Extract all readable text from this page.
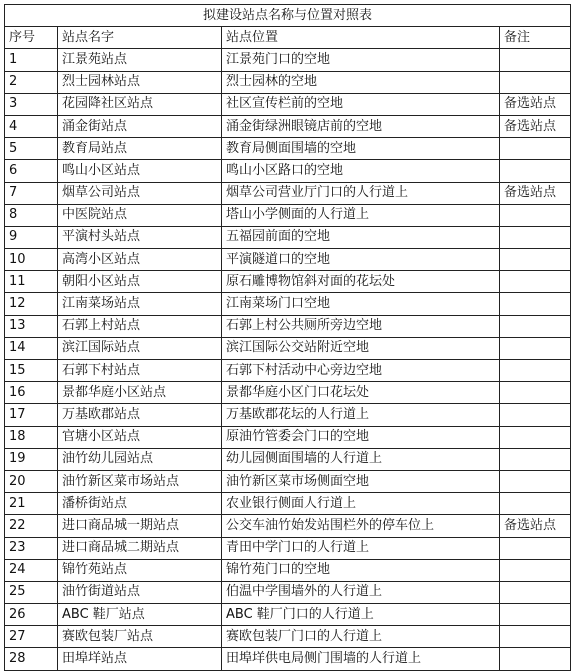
拟建设站点名称与位置对照表			
序号	站点名字	站点位置	备注
1	江景苑站点	江景苑门口的空地	
2	烈士园林站点	烈士园林的空地	
3	花园降社区站点	社区宣传栏前的空地	备选站点
4	涌金街站点	涌金街绿洲眼镜店前的空地	备选站点
5	教育局站点	教育局侧面围墙的空地	
6	鸣山小区站点	鸣山小区路口的空地	
7	烟草公司站点	烟草公司营业厅门口的人行道上	备选站点
8	中医院站点	塔山小学侧面的人行道上	
9	平演村头站点	五福园前面的空地	
10	高湾小区站点	平演隧道口的空地	
11	朝阳小区站点	原石雕博物馆斜对面的花坛处	
12	江南菜场站点	江南菜场门口空地	
13	石郭上村站点	石郭上村公共厕所旁边空地	
14	滨江国际站点	滨江国际公交站附近空地	
15	石郭下村站点	石郭下村活动中心旁边空地	
16	景都华庭小区站点	景都华庭小区门口花坛处	
17	万基欧郡站点	万基欧郡花坛的人行道上	
18	官塘小区站点	原油竹管委会门口的空地	
19	油竹幼儿园站点	幼儿园侧面围墙的人行道上	
20	油竹新区菜市场站点	油竹新区菜市场侧面空地	
21	潘桥街站点	农业银行侧面人行道上	
22	进口商品城一期站点	公交车油竹始发站围栏外的停车位上	备选站点
23	进口商品城二期站点	青田中学门口的人行道上	
24	锦竹苑站点	锦竹苑门口的空地	
25	油竹街道站点	伯温中学围墙外的人行道上	
26	ABC 鞋厂站点	ABC 鞋厂门口的人行道上	
27	赛欧包装厂站点	赛欧包装厂门口的人行道上	
28	田埠垟站点	田埠垟供电局侧门围墙的人行道上	
